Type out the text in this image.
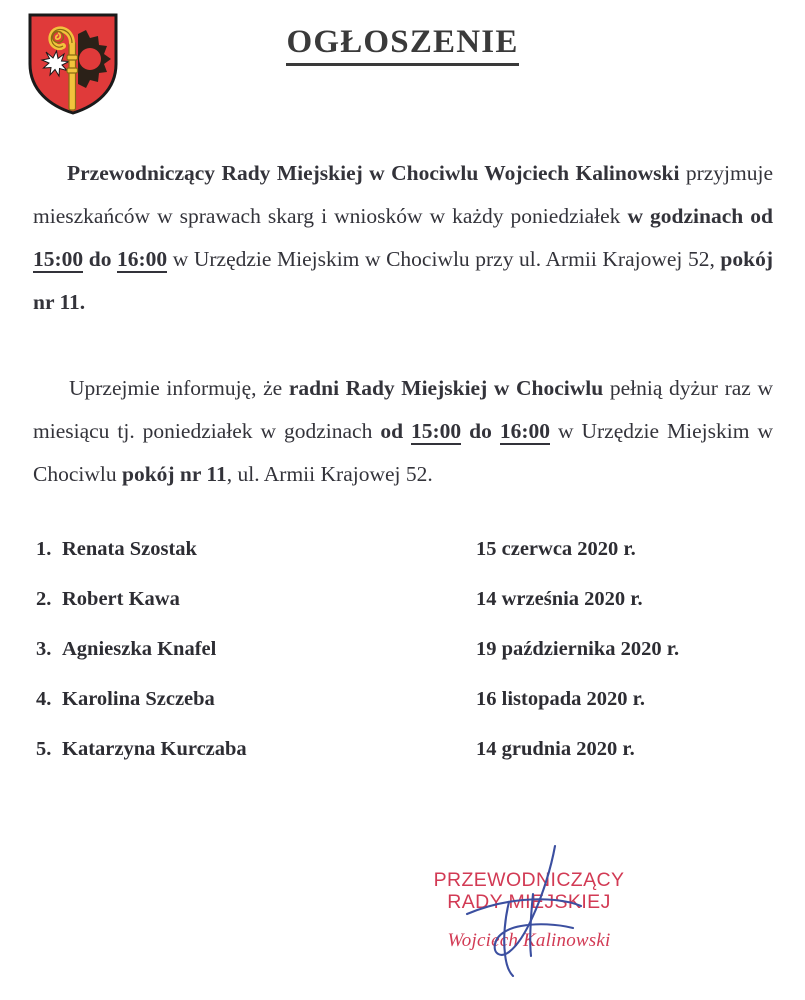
OGŁOSZENIE

Przewodniczący Rady Miejskiej w Chociwlu Wojciech Kalinowski przyjmuje mieszkańców w sprawach skarg i wniosków w każdy poniedziałek w godzinach od 15:00 do 16:00 w Urzędzie Miejskim w Chociwlu przy ul. Armii Krajowej 52, pokój nr 11.

Uprzejmie informuję, że radni Rady Miejskiej w Chociwlu pełnią dyżur raz w miesiącu tj. poniedziałek w godzinach od 15:00 do 16:00 w Urzędzie Miejskim w Chociwlu pokój nr 11, ul. Armii Krajowej 52.

1. Renata Szostak	15 czerwca 2020 r.
2. Robert Kawa	14 września 2020 r.
3. Agnieszka Knafel	19 października 2020 r.
4. Karolina Szczeba	16 listopada 2020 r.
5. Katarzyna Kurczaba	14 grudnia 2020 r.
PRZEWODNICZĄCY
RADY MIEJSKIEJ
Wojciech Kalinowski
